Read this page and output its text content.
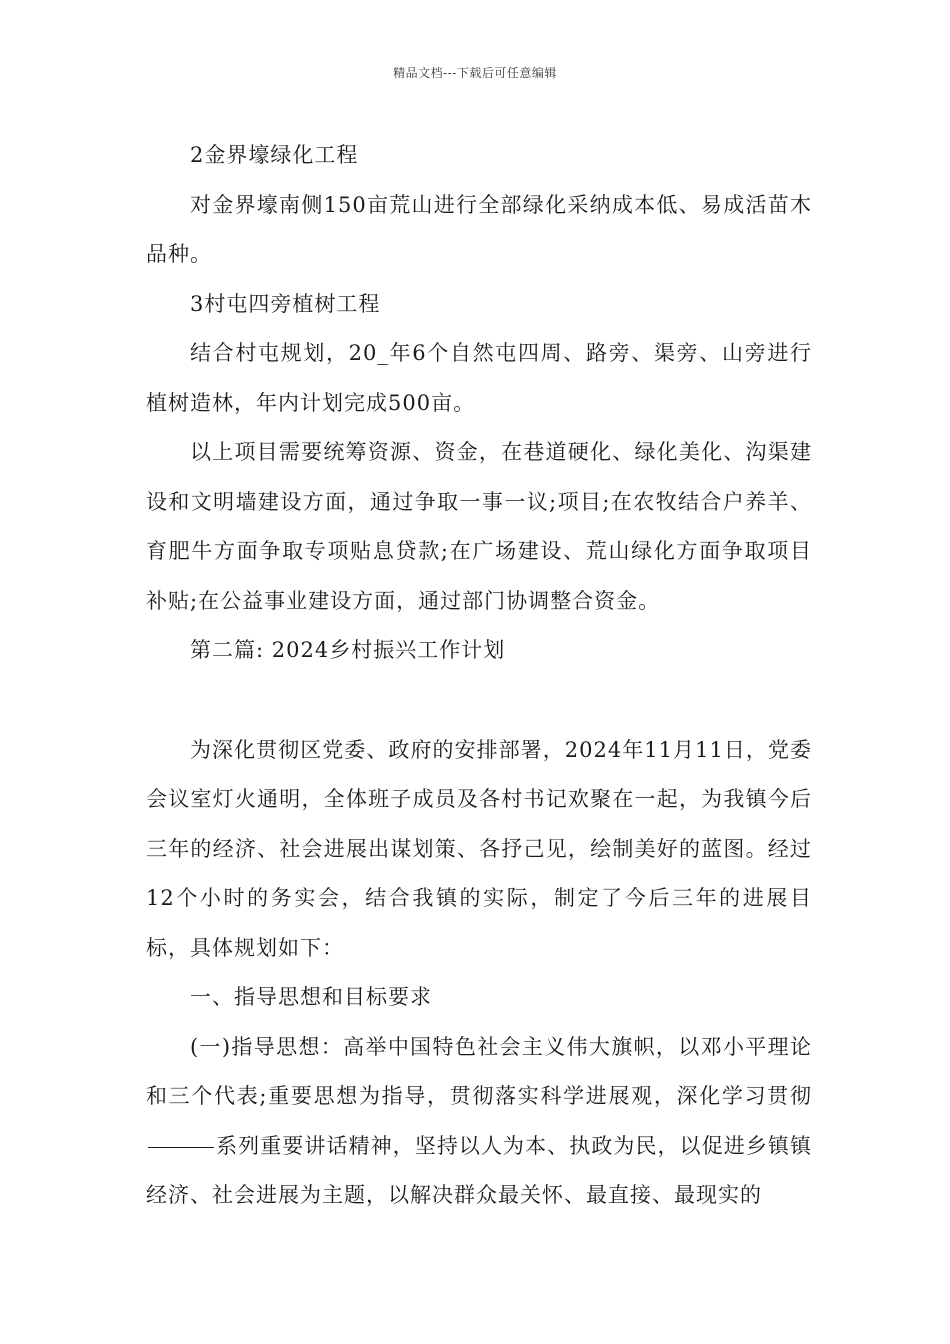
精品文档---下载后可任意编辑

2金界壕绿化工程

对金界壕南侧150亩荒山进行全部绿化采纳成本低、易成活苗木品种。

3村屯四旁植树工程

结合村屯规划，20_年6个自然屯四周、路旁、渠旁、山旁进行植树造林，年内计划完成500亩。

以上项目需要统筹资源、资金，在巷道硬化、绿化美化、沟渠建设和文明墙建设方面，通过争取一事一议;项目;在农牧结合户养羊、育肥牛方面争取专项贴息贷款;在广场建设、荒山绿化方面争取项目补贴;在公益事业建设方面，通过部门协调整合资金。

第二篇: 2024乡村振兴工作计划

为深化贯彻区党委、政府的安排部署，2024年11月11日，党委会议室灯火通明，全体班子成员及各村书记欢聚在一起，为我镇今后三年的经济、社会进展出谋划策、各抒己见，绘制美好的蓝图。经过12个小时的务实会，结合我镇的实际，制定了今后三年的进展目标，具体规划如下：

一、指导思想和目标要求

(一)指导思想：高举中国特色社会主义伟大旗帜，以邓小平理论和三个代表;重要思想为指导，贯彻落实科学进展观，深化学习贯彻系列重要讲话精神，坚持以人为本、执政为民，以促进乡镇镇经济、社会进展为主题，以解决群众最关怀、最直接、最现实的
